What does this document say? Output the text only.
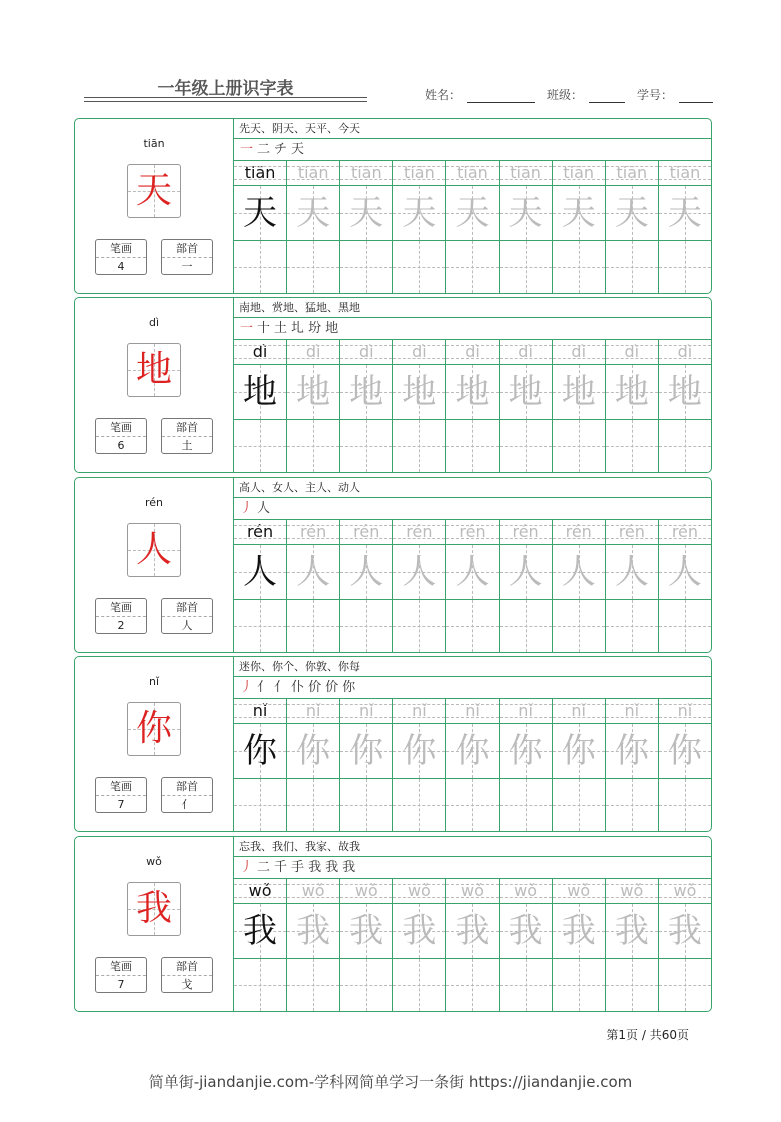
一年级上册识字表	姓名：	班级：	学号：
tiān
天
笔画
4
部首
一
先天、阴天、天平、今天
一 二 チ 天
tiān	tiān	tiān	tiān	tiān	tiān	tiān	tiān	tiān
天 天 天 天 天 天 天 天 天
dì
地
笔画
6
部首
土
南地、赏地、猛地、黑地
一 十 土 圠 坋 地
dì	dì	dì	dì	dì	dì	dì	dì	dì
地 地 地 地 地 地 地 地 地
rén
人
笔画
2
部首
人
高人、女人、主人、动人
丿 人
rén	rén	rén	rén	rén	rén	rén	rén	rén
人 人 人 人 人 人 人 人 人
nǐ
你
笔画
7
部首
亻
迷你、你个、你敦、你每
丿 亻 亻 仆 价 价 你
nǐ	nǐ	nǐ	nǐ	nǐ	nǐ	nǐ	nǐ	nǐ
你 你 你 你 你 你 你 你 你
wǒ
我
笔画
7
部首
戈
忘我、我们、我家、故我
丿 二 千 手 我 我 我
wǒ	wǒ	wǒ	wǒ	wǒ	wǒ	wǒ	wǒ	wǒ
我 我 我 我 我 我 我 我 我
第1页 / 共60页
简单街-jiandanjie.com-学科网简单学习一条街 https://jiandanjie.com
